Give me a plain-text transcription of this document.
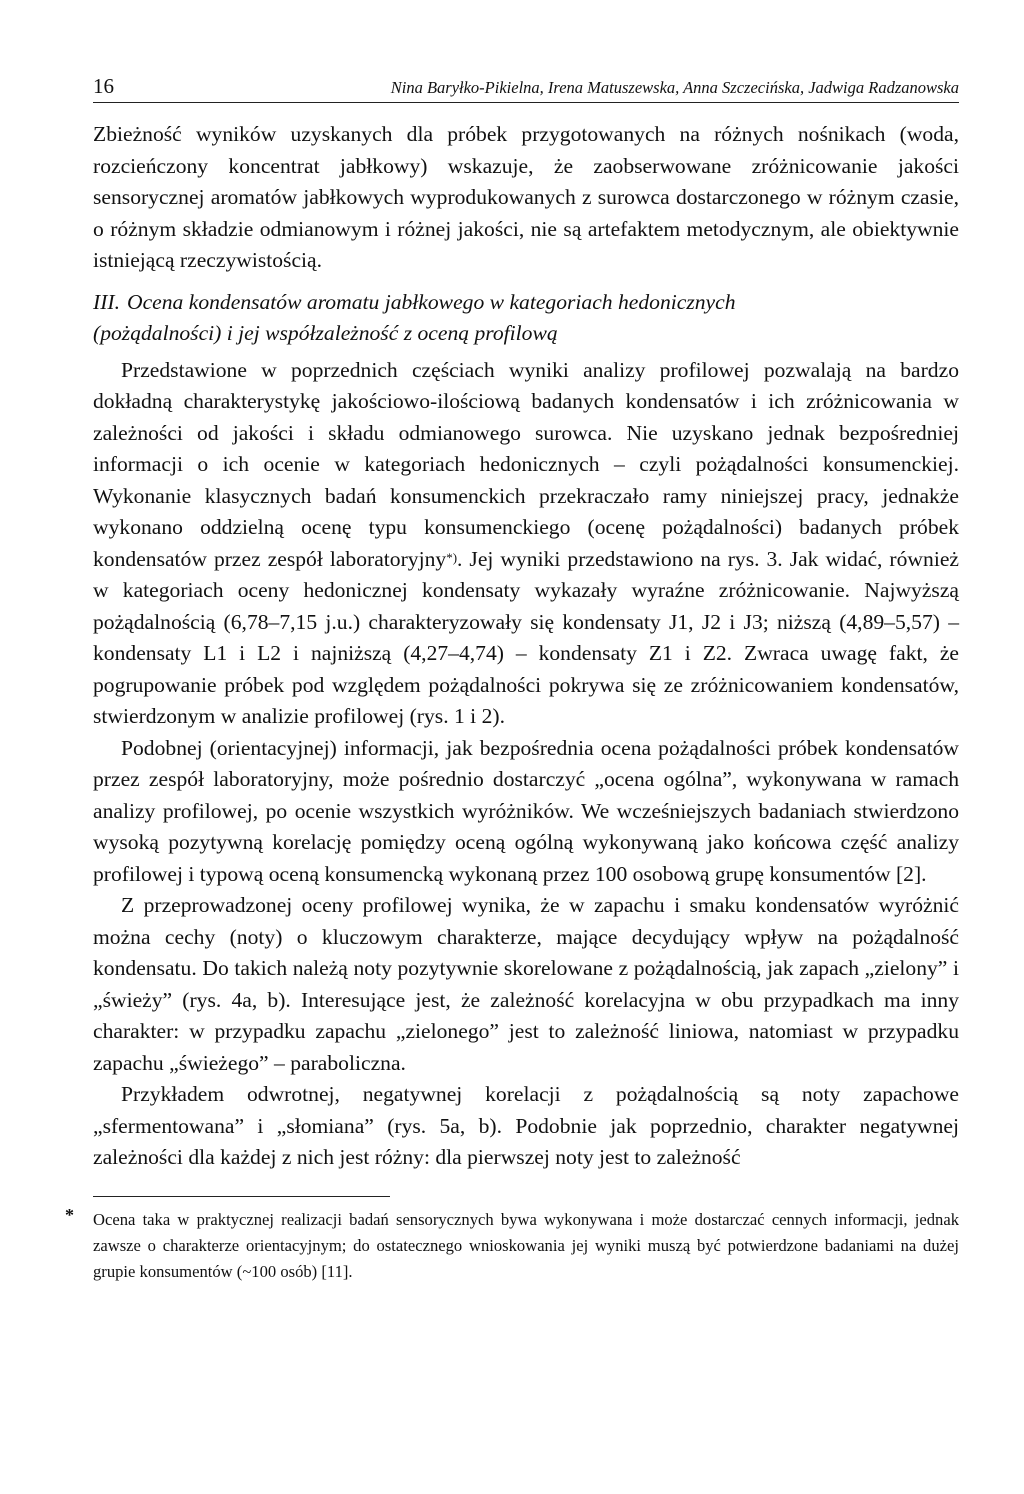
16	Nina Baryłko-Pikielna, Irena Matuszewska, Anna Szczecińska, Jadwiga Radzanowska

Zbieżność wyników uzyskanych dla próbek przygotowanych na różnych nośnikach (woda, rozcieńczony koncentrat jabłkowy) wskazuje, że zaobserwowane zróżnicowanie jakości sensorycznej aromatów jabłkowych wyprodukowanych z surowca dostarczonego w różnym czasie, o różnym składzie odmianowym i różnej jakości, nie są artefaktem metodycznym, ale obiektywnie istniejącą rzeczywistością.

III. Ocena kondensatów aromatu jabłkowego w kategoriach hedonicznych
(pożądalności) i jej współzależność z oceną profilową

Przedstawione w poprzednich częściach wyniki analizy profilowej pozwalają na bardzo dokładną charakterystykę jakościowo-ilościową badanych kondensatów i ich zróżnicowania w zależności od jakości i składu odmianowego surowca. Nie uzyskano jednak bezpośredniej informacji o ich ocenie w kategoriach hedonicznych – czyli pożądalności konsumenckiej. Wykonanie klasycznych badań konsumenckich przekraczało ramy niniejszej pracy, jednakże wykonano oddzielną ocenę typu konsumenckiego (ocenę pożądalności) badanych próbek kondensatów przez zespół laboratoryjny*). Jej wyniki przedstawiono na rys. 3. Jak widać, również w kategoriach oceny hedonicznej kondensaty wykazały wyraźne zróżnicowanie. Najwyższą pożądalnością (6,78–7,15 j.u.) charakteryzowały się kondensaty J1, J2 i J3; niższą (4,89–5,57) – kondensaty L1 i L2 i najniższą (4,27–4,74) – kondensaty Z1 i Z2. Zwraca uwagę fakt, że pogrupowanie próbek pod względem pożądalności pokrywa się ze zróżnicowaniem kondensatów, stwierdzonym w analizie profilowej (rys. 1 i 2).

Podobnej (orientacyjnej) informacji, jak bezpośrednia ocena pożądalności próbek kondensatów przez zespół laboratoryjny, może pośrednio dostarczyć „ocena ogólna”, wykonywana w ramach analizy profilowej, po ocenie wszystkich wyróżników. We wcześniejszych badaniach stwierdzono wysoką pozytywną korelację pomiędzy oceną ogólną wykonywaną jako końcowa część analizy profilowej i typową oceną konsumencką wykonaną przez 100 osobową grupę konsumentów [2].

Z przeprowadzonej oceny profilowej wynika, że w zapachu i smaku kondensatów wyróżnić można cechy (noty) o kluczowym charakterze, mające decydujący wpływ na pożądalność kondensatu. Do takich należą noty pozytywnie skorelowane z pożądalnością, jak zapach „zielony” i „świeży” (rys. 4a, b). Interesujące jest, że zależność korelacyjna w obu przypadkach ma inny charakter: w przypadku zapachu „zielonego” jest to zależność liniowa, natomiast w przypadku zapachu „świeżego” – paraboliczna.

Przykładem odwrotnej, negatywnej korelacji z pożądalnością są noty zapachowe „sfermentowana” i „słomiana” (rys. 5a, b). Podobnie jak poprzednio, charakter negatywnej zależności dla każdej z nich jest różny: dla pierwszej noty jest to zależność

* Ocena taka w praktycznej realizacji badań sensorycznych bywa wykonywana i może dostarczać cennych informacji, jednak zawsze o charakterze orientacyjnym; do ostatecznego wnioskowania jej wyniki muszą być potwierdzone badaniami na dużej grupie konsumentów (~100 osób) [11].
